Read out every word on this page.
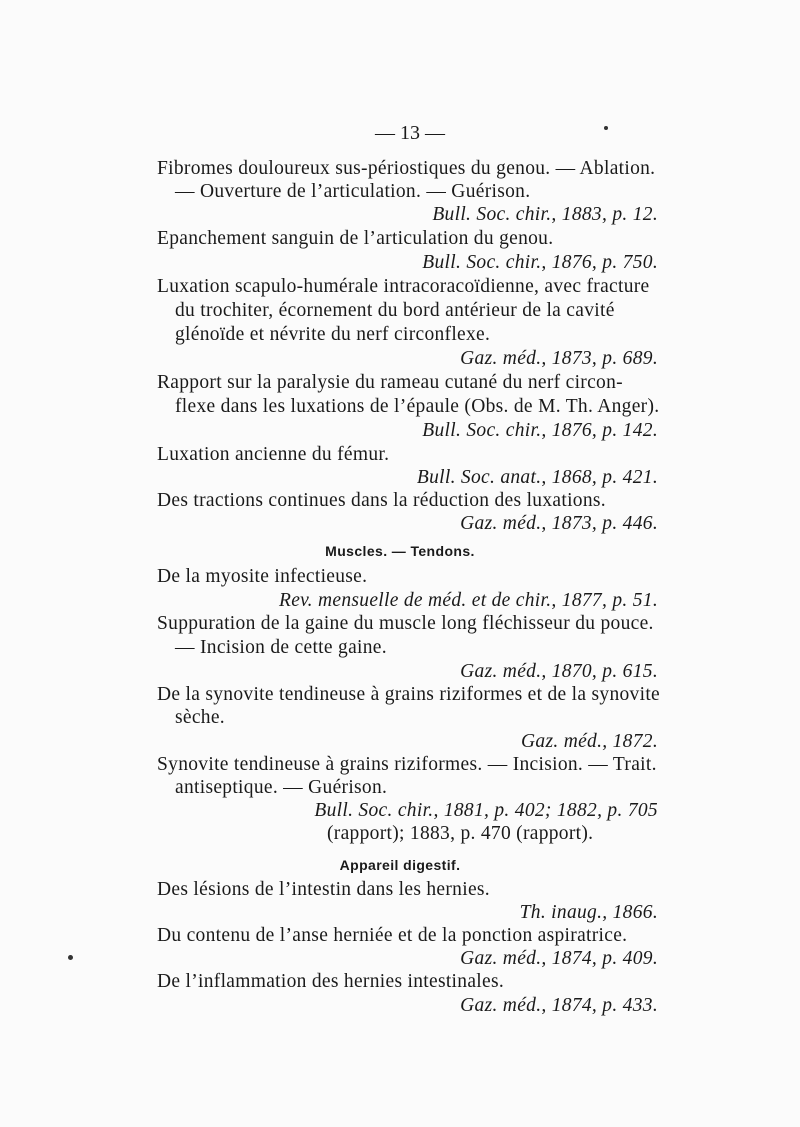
— 13 —
Fibromes douloureux sus-périostiques du genou. — Ablation.
— Ouverture de l’articulation. — Guérison.
Bull. Soc. chir., 1883, p. 12.
Epanchement sanguin de l’articulation du genou.
Bull. Soc. chir., 1876, p. 750.
Luxation scapulo-humérale intracoracoïdienne, avec fracture
du trochiter, écornement du bord antérieur de la cavité
glénoïde et névrite du nerf circonflexe.
Gaz. méd., 1873, p. 689.
Rapport sur la paralysie du rameau cutané du nerf circon-
flexe dans les luxations de l’épaule (Obs. de M. Th. Anger).
Bull. Soc. chir., 1876, p. 142.
Luxation ancienne du fémur.
Bull. Soc. anat., 1868, p. 421.
Des tractions continues dans la réduction des luxations.
Gaz. méd., 1873, p. 446.
Muscles. — Tendons.
De la myosite infectieuse.
Rev. mensuelle de méd. et de chir., 1877, p. 51.
Suppuration de la gaine du muscle long fléchisseur du pouce.
— Incision de cette gaine.
Gaz. méd., 1870, p. 615.
De la synovite tendineuse à grains riziformes et de la synovite
sèche.
Gaz. méd., 1872.
Synovite tendineuse à grains riziformes. — Incision. — Trait.
antiseptique. — Guérison.
Bull. Soc. chir., 1881, p. 402; 1882, p. 705
(rapport); 1883, p. 470 (rapport).
Appareil digestif.
Des lésions de l’intestin dans les hernies.
Th. inaug., 1866.
Du contenu de l’anse herniée et de la ponction aspiratrice.
Gaz. méd., 1874, p. 409.
De l’inflammation des hernies intestinales.
Gaz. méd., 1874, p. 433.
